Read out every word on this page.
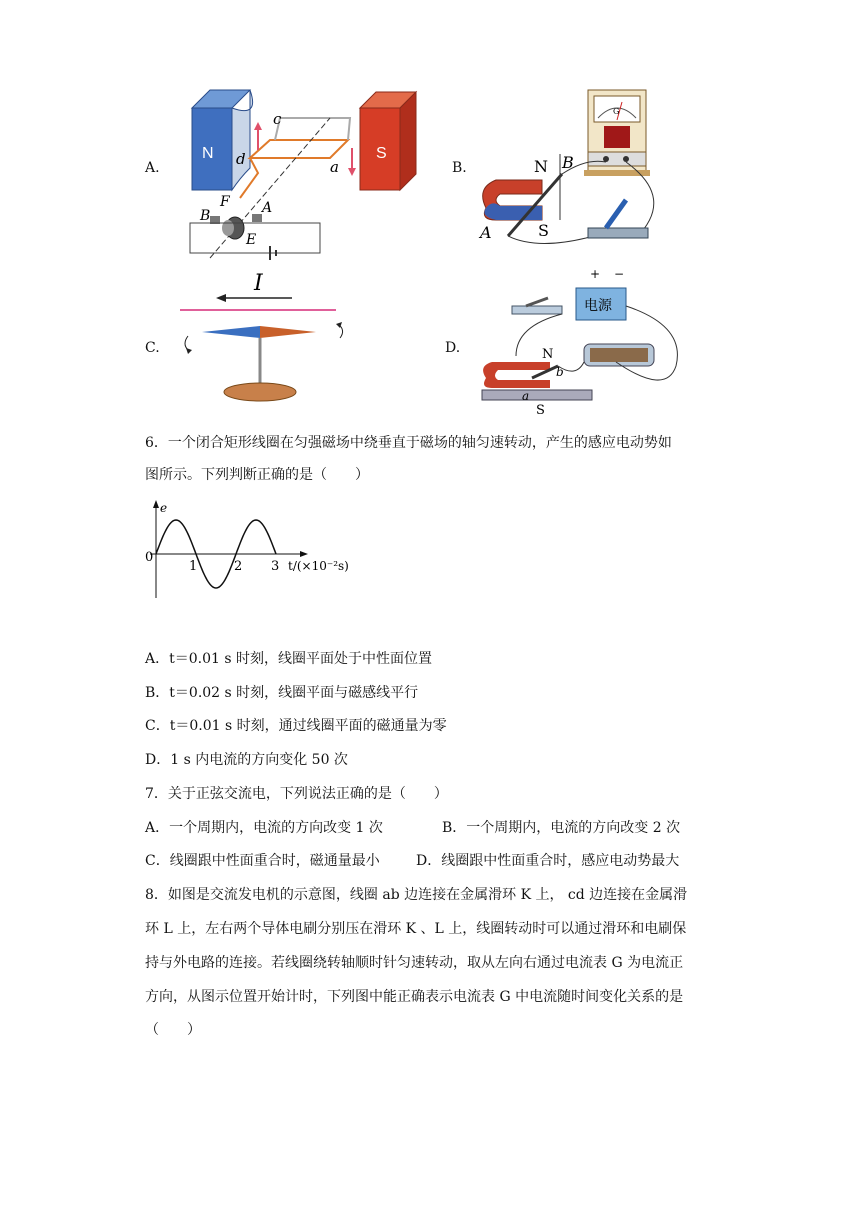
A.	B.
C.	D.
N	S
c
d	a
B
F A
E
G
N B
S
A
I	+ −
电源
N
b
a
S
6．一个闭合矩形线圈在匀强磁场中绕垂直于磁场的轴匀速转动，产生的感应电动势如
图所示。下列判断正确的是（　　）
e
0
1	2 3 t/(×10⁻²s)
A．t＝0.01 s 时刻，线圈平面处于中性面位置
B．t＝0.02 s 时刻，线圈平面与磁感线平行
C．t＝0.01 s 时刻，通过线圈平面的磁通量为零
D．1 s 内电流的方向变化 50 次
7．关于正弦交流电，下列说法正确的是（　　）
A．一个周期内，电流的方向改变 1 次	B．一个周期内，电流的方向改变 2 次
C．线圈跟中性面重合时，磁通量最小	D．线圈跟中性面重合时，感应电动势最大
8．如图是交流发电机的示意图，线圈 ab 边连接在金属滑环 K 上， cd 边连接在金属滑
环 L 上，左右两个导体电刷分别压在滑环 K 、L 上，线圈转动时可以通过滑环和电刷保
持与外电路的连接。若线圈绕转轴顺时针匀速转动，取从左向右通过电流表 G 为电流正
方向，从图示位置开始计时，下列图中能正确表示电流表 G 中电流随时间变化关系的是
（　　）
